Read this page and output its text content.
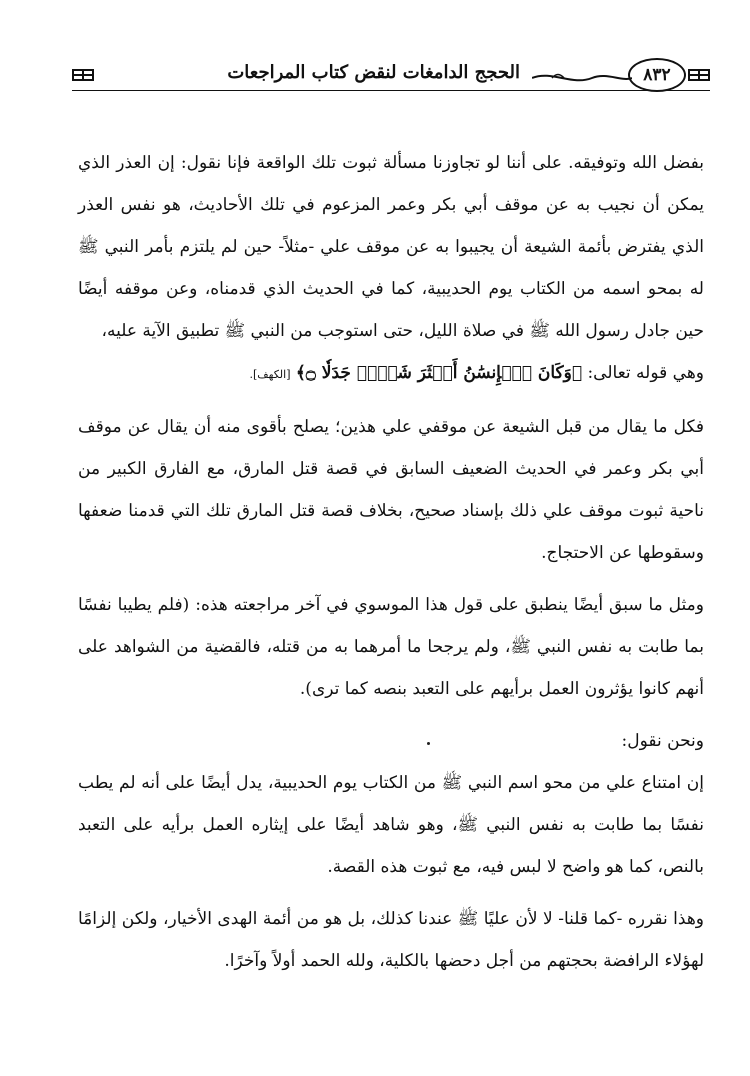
٨٣٢
الحجج الدامغات لنقض كتاب المراجعات

بفضل الله وتوفيقه. على أننا لو تجاوزنا مسألة ثبوت تلك الواقعة فإنا نقول: إن العذر الذي يمكن أن نجيب به عن موقف أبي بكر وعمر المزعوم في تلك الأحاديث، هو نفس العذر الذي يفترض بأئمة الشيعة أن يجيبوا به عن موقف علي -مثلاً- حين لم يلتزم بأمر النبي ﷺ له بمحو اسمه من الكتاب يوم الحديبية، كما في الحديث الذي قدمناه، وعن موقفه أيضًا حين جادل رسول الله ﷺ في صلاة الليل، حتى استوجب من النبي ﷺ تطبيق الآية عليه،

وهي قوله تعالى: ﴿وَكَانَ ٱلۡإِنسَٰنُ أَكۡثَرَ شَيۡءٖ جَدَلٗا ۝﴾ [الكهف].

فكل ما يقال من قبل الشيعة عن موقفي علي هذين؛ يصلح بأقوى منه أن يقال عن موقف أبي بكر وعمر في الحديث الضعيف السابق في قصة قتل المارق، مع الفارق الكبير من ناحية ثبوت موقف علي ذلك بإسناد صحيح، بخلاف قصة قتل المارق تلك التي قدمنا ضعفها وسقوطها عن الاحتجاج.

ومثل ما سبق أيضًا ينطبق على قول هذا الموسوي في آخر مراجعته هذه: (فلم يطيبا نفسًا بما طابت به نفس النبي ﷺ، ولم يرجحا ما أمرهما به من قتله، فالقضية من الشواهد على أنهم كانوا يؤثرون العمل برأيهم على التعبد بنصه كما ترى).

ونحن نقول:

إن امتناع علي من محو اسم النبي ﷺ من الكتاب يوم الحديبية، يدل أيضًا على أنه لم يطب نفسًا بما طابت به نفس النبي ﷺ، وهو شاهد أيضًا على إيثاره العمل برأيه على التعبد بالنص، كما هو واضح لا لبس فيه، مع ثبوت هذه القصة.

وهذا نقرره -كما قلنا- لا لأن عليًا ﷺ عندنا كذلك، بل هو من أئمة الهدى الأخيار، ولكن إلزامًا لهؤلاء الرافضة بحجتهم من أجل دحضها بالكلية، ولله الحمد أولاً وآخرًا.
